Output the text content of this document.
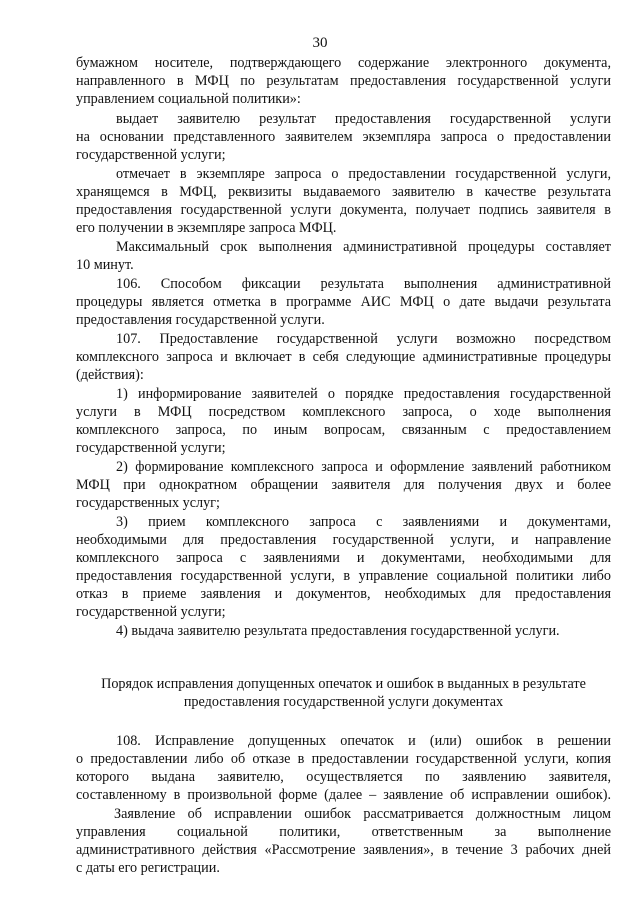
30
бумажном носителе, подтверждающего содержание электронного документа,
направленного в МФЦ по результатам предоставления государственной услуги
управлением социальной политики»:
выдает заявителю результат предоставления государственной услуги
на основании представленного заявителем экземпляра запроса о предоставлении
государственной услуги;
отмечает в экземпляре запроса о предоставлении государственной услуги,
хранящемся в МФЦ, реквизиты выдаваемого заявителю в качестве результата
предоставления государственной услуги документа, получает подпись заявителя в
его получении в экземпляре запроса МФЦ.
Максимальный срок выполнения административной процедуры составляет
10 минут.
106. Способом фиксации результата выполнения административной
процедуры является отметка в программе АИС МФЦ о дате выдачи результата
предоставления государственной услуги.
107. Предоставление государственной услуги возможно посредством
комплексного запроса и включает в себя следующие административные процедуры
(действия):
1) информирование заявителей о порядке предоставления государственной
услуги в МФЦ посредством комплексного запроса, о ходе выполнения
комплексного запроса, по иным вопросам, связанным с предоставлением
государственной услуги;
2) формирование комплексного запроса и оформление заявлений работником
МФЦ при однократном обращении заявителя для получения двух и более
государственных услуг;
3) прием комплексного запроса с заявлениями и документами,
необходимыми для предоставления государственной услуги, и направление
комплексного запроса с заявлениями и документами, необходимыми для
предоставления государственной услуги, в управление социальной политики либо
отказ в приеме заявления и документов, необходимых для предоставления
государственной услуги;
4) выдача заявителю результата предоставления государственной услуги.
Порядок исправления допущенных опечаток и ошибок в выданных в результате
предоставления государственной услуги документах
108. Исправление допущенных опечаток и (или) ошибок в решении
о предоставлении либо об отказе в предоставлении государственной услуги, копия
которого выдана заявителю, осуществляется по заявлению заявителя,
составленному в произвольной форме (далее – заявление об исправлении ошибок).
Заявление об исправлении ошибок рассматривается должностным лицом
управления социальной политики, ответственным за выполнение
административного действия «Рассмотрение заявления», в течение 3 рабочих дней
с даты его регистрации.
